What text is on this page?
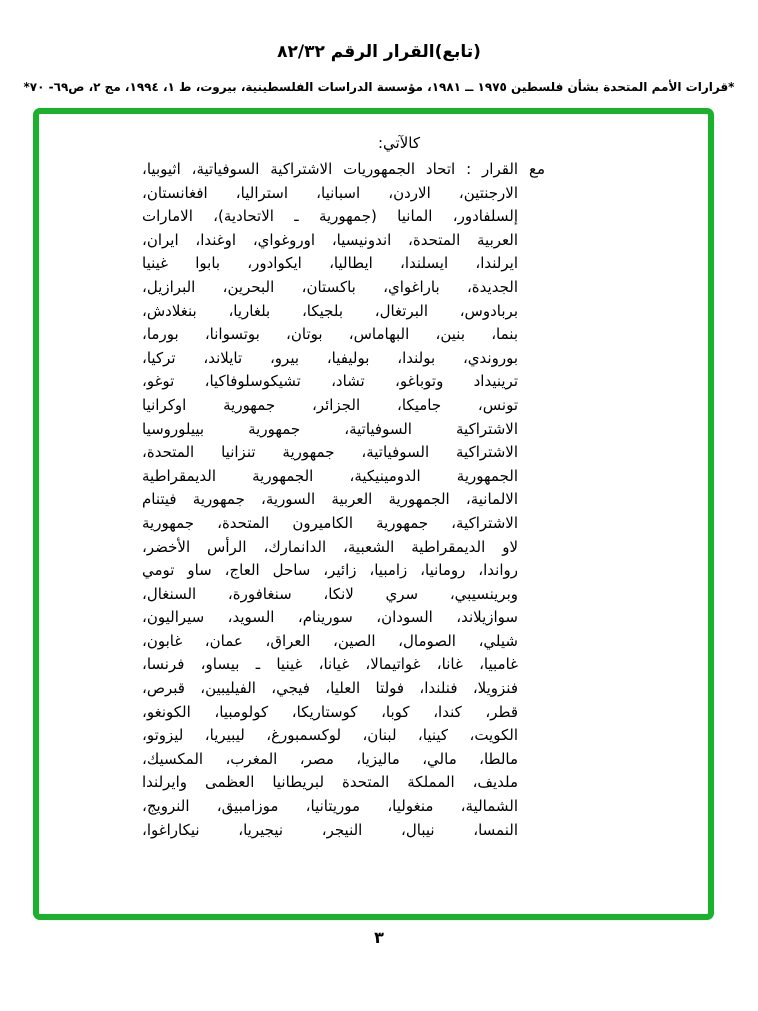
(تابع)القرار الرقم ٨٢/٣٢
*قرارات الأمم المتحدة بشأن فلسطين ١٩٧٥ ــ ١٩٨١، مؤسسة الدراسات الفلسطينية، بيروت، ط ١، ١٩٩٤، مج ٢، ص٦٩- ٧٠*
كالآتي:
مع القرار : اتحاد الجمهوريات الاشتراكية السوفياتية، اثيوبيا،
الارجنتين، الاردن، اسبانيا، استراليا، افغانستان،
إلسلفادور، المانيا (جمهورية ـ الاتحادية)، الامارات
العربية المتحدة، اندونيسيا، اوروغواي، اوغندا، ايران،
ايرلندا، ايسلندا، ايطاليا، ايكوادور، بابوا غينيا
الجديدة، باراغواي، باكستان، البحرين، البرازيل،
بربادوس، البرتغال، بلجيكا، بلغاريا، بنغلادش،
بنما، بنين، البهاماس، بوتان، بوتسوانا، بورما،
بوروندي، بولندا، بوليفيا، بيرو، تايلاند، تركيا،
ترينيداد وتوباغو، تشاد، تشيكوسلوفاكيا، توغو،
تونس، جاميكا، الجزائر، جمهورية اوكرانيا
الاشتراكية السوفياتية، جمهورية بييلوروسيا
الاشتراكية السوفياتية، جمهورية تنزانيا المتحدة،
الجمهورية الدومينيكية، الجمهورية الديمقراطية
الالمانية، الجمهورية العربية السورية، جمهورية فيتنام
الاشتراكية، جمهورية الكاميرون المتحدة، جمهورية
لاو الديمقراطية الشعبية، الدانمارك، الرأس الأخضر،
رواندا، رومانيا، زامبيا، زائير، ساحل العاج، ساو تومي
وبرينسيبي، سري لانكا، سنغافورة، السنغال،
سوازيلاند، السودان، سورينام، السويد، سيراليون،
شيلي، الصومال، الصين، العراق، عمان، غابون،
غامبيا، غانا، غواتيمالا، غيانا، غينيا ـ بيساو، فرنسا،
فنزويلا، فنلندا، فولتا العليا، فيجي، الفيليبين، قبرص،
قطر، كندا، كوبا، كوستاريكا، كولومبيا، الكونغو،
الكويت، كينيا، لبنان، لوكسمبورغ، ليبيريا، ليزوتو،
مالطا، مالي، ماليزيا، مصر، المغرب، المكسيك،
ملديف، المملكة المتحدة لبريطانيا العظمى وايرلندا
الشمالية، منغوليا، موريتانيا، موزامبيق، النرويج،
النمسا، نيبال، النيجر، نيجيريا، نيكاراغوا،
٣
